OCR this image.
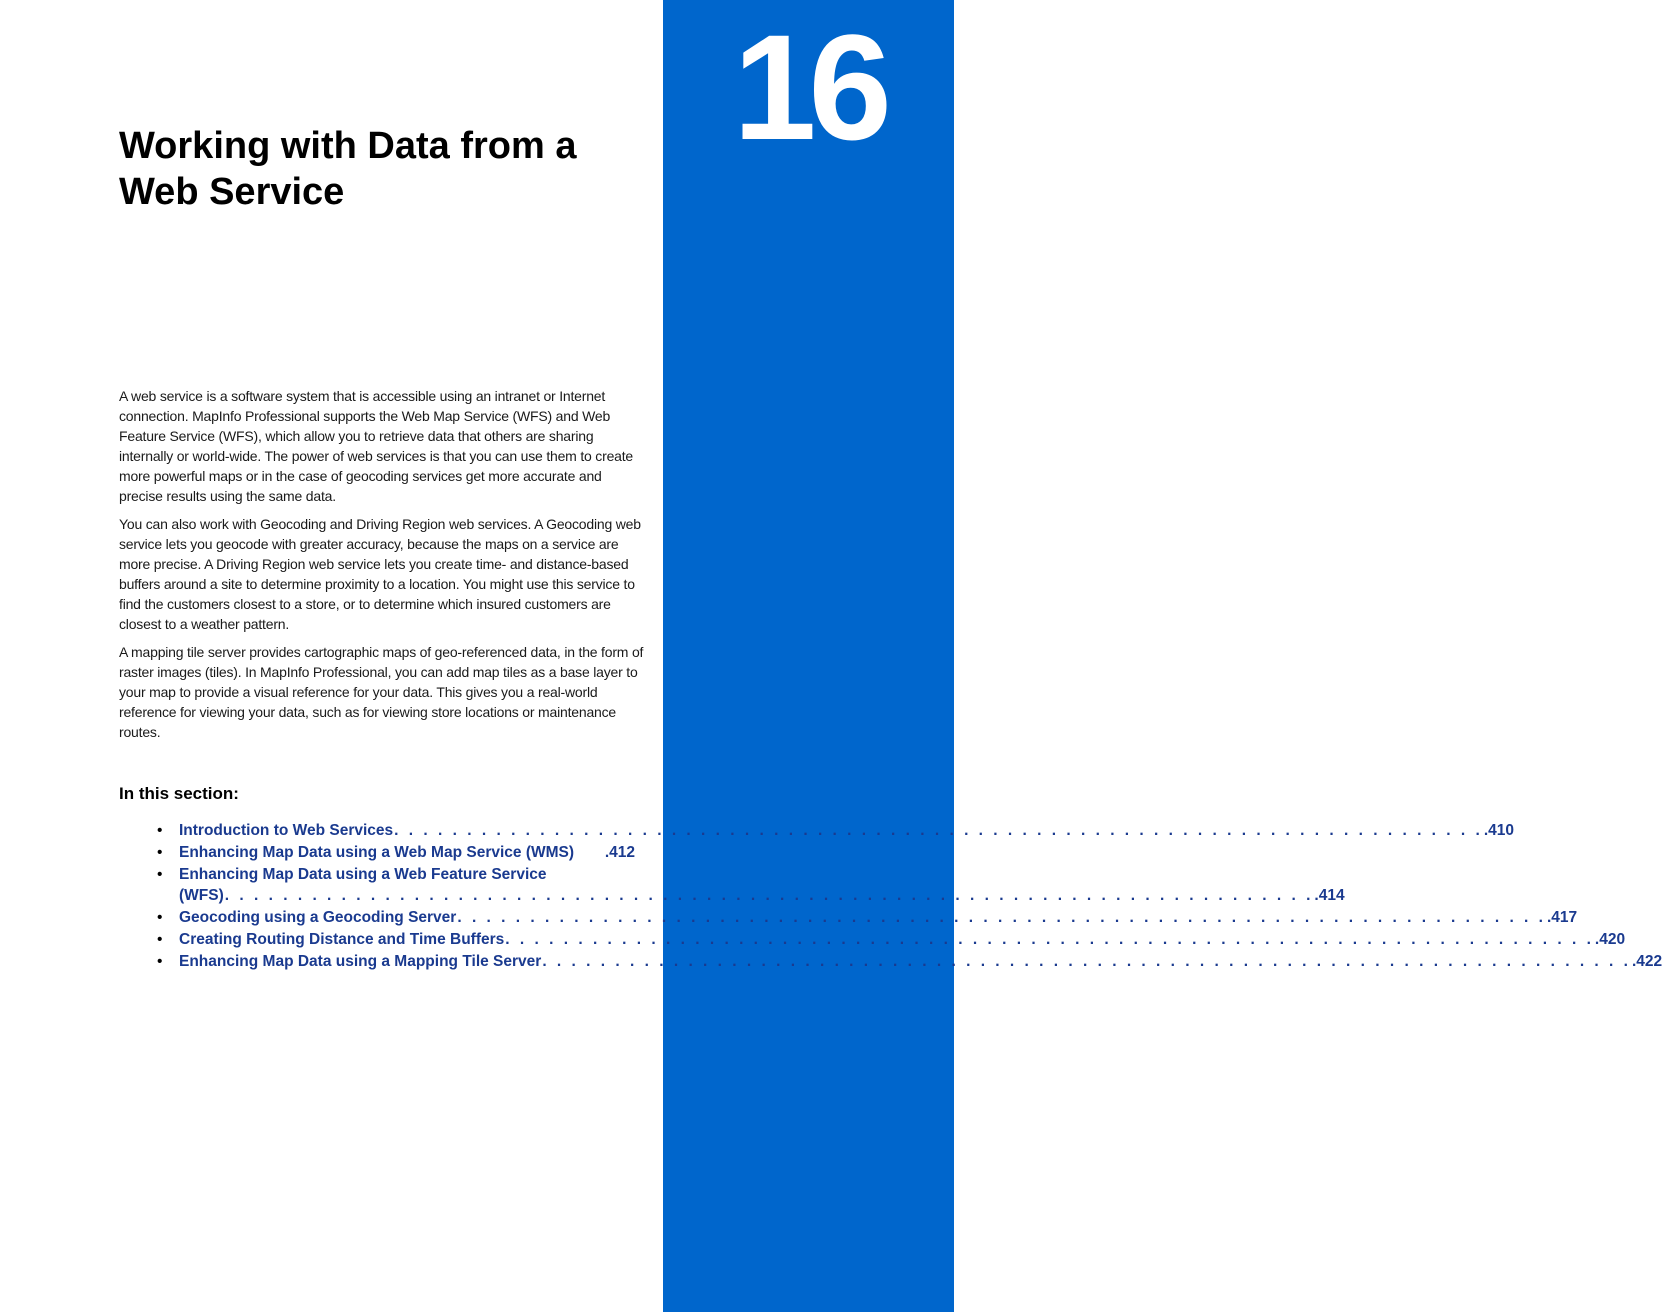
16
Working with Data from a Web Service

A web service is a software system that is accessible using an intranet or Internet connection. MapInfo Professional supports the Web Map Service (WFS) and Web Feature Service (WFS), which allow you to retrieve data that others are sharing internally or world-wide. The power of web services is that you can use them to create more powerful maps or in the case of geocoding services get more accurate and precise results using the same data.

You can also work with Geocoding and Driving Region web services. A Geocoding web service lets you geocode with greater accuracy, because the maps on a service are more precise. A Driving Region web service lets you create time- and distance-based buffers around a site to determine proximity to a location. You might use this service to find the customers closest to a store, or to determine which insured customers are closest to a weather pattern.

A mapping tile server provides cartographic maps of geo-referenced data, in the form of raster images (tiles). In MapInfo Professional, you can add map tiles as a base layer to your map to provide a visual reference for your data. This gives you a real-world reference for viewing your data, such as for viewing store locations or maintenance routes.

In this section:
• Introduction to Web Services . . . . . . . . . . . . . . . . . . . . . . . . . . . . . . . . . . . . . . . . . . . . . . . . . . . . . . . . . . . . . . . . . . . . . . . . . . . .410
• Enhancing Map Data using a Web Map Service (WMS) .412
• Enhancing Map Data using a Web Feature Service
(WFS) . . . . . . . . . . . . . . . . . . . . . . . . . . . . . . . . . . . . . . . . . . . . . . . . . . . . . . . . . . . . . . . . . . . . . . . . . . . .414
• Geocoding using a Geocoding Server . . . . . . . . . . . . . . . . . . . . . . . . . . . . . . . . . . . . . . . . . . . . . . . . . . . . . . . . . . . . . . . . . . . . . . . . . . . .417
• Creating Routing Distance and Time Buffers . . . . . . . . . . . . . . . . . . . . . . . . . . . . . . . . . . . . . . . . . . . . . . . . . . . . . . . . . . . . . . . . . . . . . . . . . . . .420
• Enhancing Map Data using a Mapping Tile Server . . . . . . . . . . . . . . . . . . . . . . . . . . . . . . . . . . . . . . . . . . . . . . . . . . . . . . . . . . . . . . . . . . . . . . . . . . . .422
